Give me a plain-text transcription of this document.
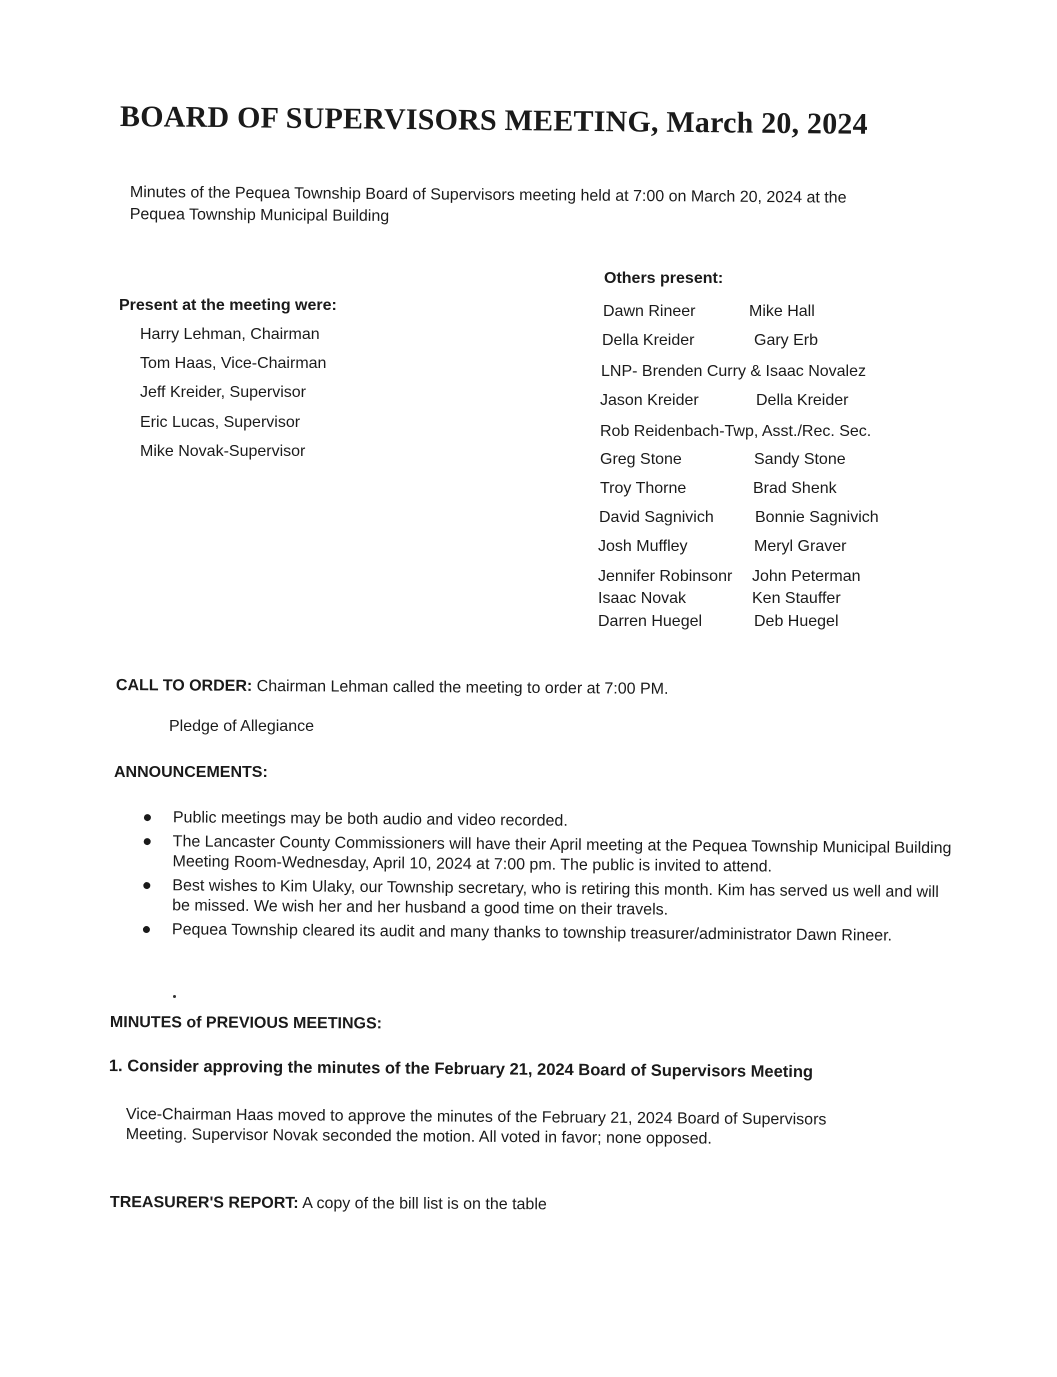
BOARD OF SUPERVISORS MEETING, March 20, 2024
Minutes of the Pequea Township Board of Supervisors meeting held at 7:00 on March 20, 2024 at the
Pequea Township Municipal Building
Present at the meeting were:
Harry Lehman, Chairman
Tom Haas, Vice-Chairman
Jeff Kreider, Supervisor
Eric Lucas, Supervisor
Mike Novak-Supervisor
Others present:
Dawn Rineer	Mike Hall
Della Kreider	Gary Erb
LNP- Brenden Curry & Isaac Novalez
Jason Kreider	Della Kreider
Rob Reidenbach-Twp, Asst./Rec. Sec.
Greg Stone	Sandy Stone
Troy Thorne	Brad Shenk
David Sagnivich	Bonnie Sagnivich
Josh Muffley	Meryl Graver
Jennifer Robinsonr John Peterman
Isaac Novak	Ken Stauffer
Darren Huegel	Deb Huegel
CALL TO ORDER: Chairman Lehman called the meeting to order at 7:00 PM.
Pledge of Allegiance
ANNOUNCEMENTS:
Public meetings may be both audio and video recorded.
The Lancaster County Commissioners will have their April meeting at the Pequea Township Municipal Building Meeting Room-Wednesday, April 10, 2024 at 7:00 pm. The public is invited to attend.
Best wishes to Kim Ulaky, our Township secretary, who is retiring this month. Kim has served us well and will be missed. We wish her and her husband a good time on their travels.
Pequea Township cleared its audit and many thanks to township treasurer/administrator Dawn Rineer.
MINUTES of PREVIOUS MEETINGS:
1. Consider approving the minutes of the February 21, 2024 Board of Supervisors Meeting
Vice-Chairman Haas moved to approve the minutes of the February 21, 2024 Board of Supervisors
Meeting. Supervisor Novak seconded the motion. All voted in favor; none opposed.
TREASURER'S REPORT: A copy of the bill list is on the table
